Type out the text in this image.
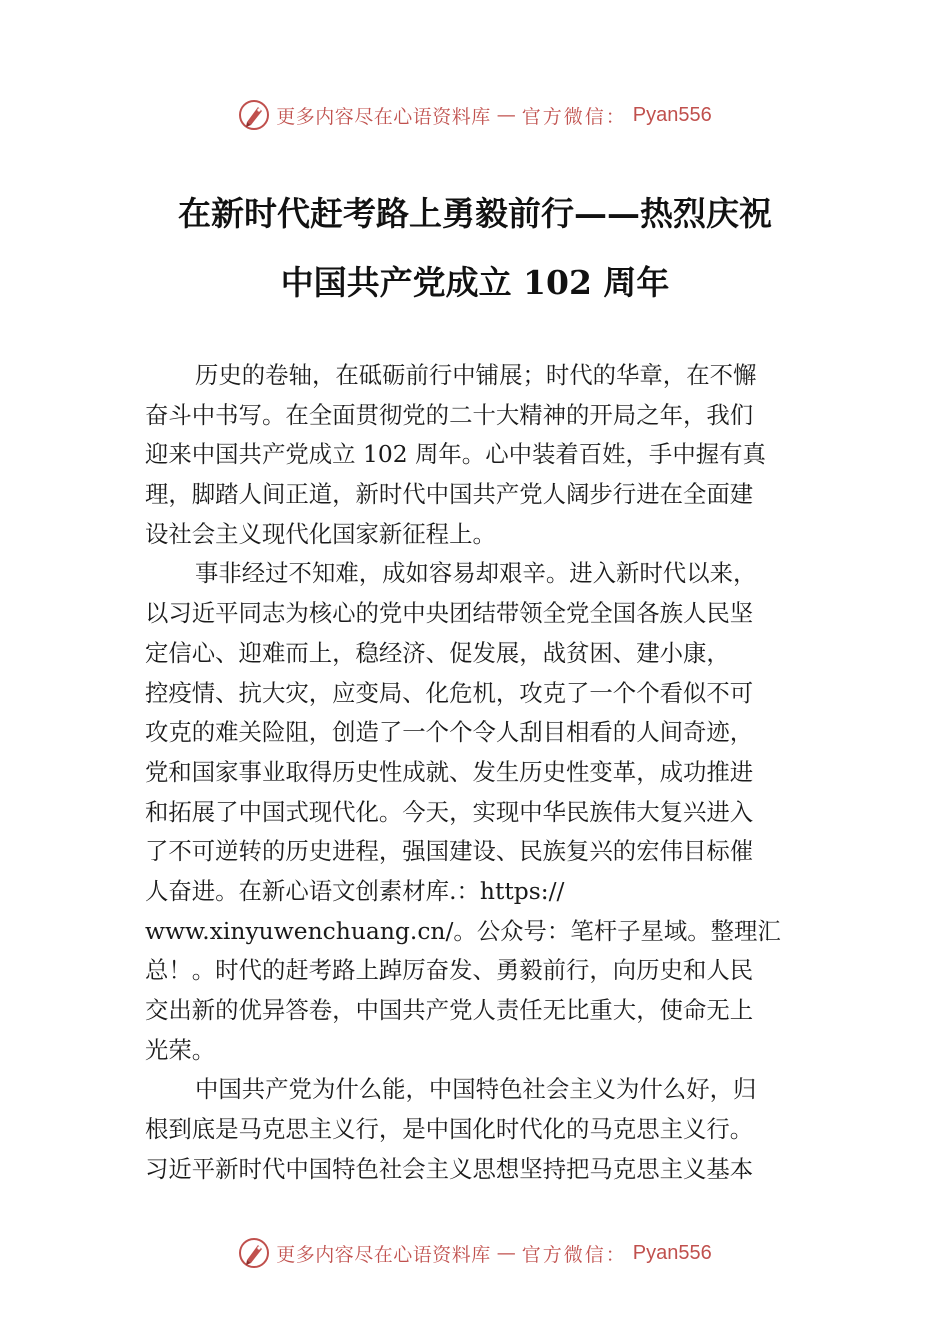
更多内容尽在心语资料库 — 官方微信： Pyan556
在新时代赶考路上勇毅前行——热烈庆祝
中国共产党成立 102 周年
历史的卷轴，在砥砺前行中铺展；时代的华章，在不懈
奋斗中书写。在全面贯彻党的二十大精神的开局之年，我们
迎来中国共产党成立 102 周年。心中装着百姓，手中握有真
理，脚踏人间正道，新时代中国共产党人阔步行进在全面建
设社会主义现代化国家新征程上。
事非经过不知难，成如容易却艰辛。进入新时代以来，
以习近平同志为核心的党中央团结带领全党全国各族人民坚
定信心、迎难而上，稳经济、促发展，战贫困、建小康，
控疫情、抗大灾，应变局、化危机，攻克了一个个看似不可
攻克的难关险阻，创造了一个个令人刮目相看的人间奇迹，
党和国家事业取得历史性成就、发生历史性变革，成功推进
和拓展了中国式现代化。今天，实现中华民族伟大复兴进入
了不可逆转的历史进程，强国建设、民族复兴的宏伟目标催
人奋进。在新心语文创素材库.：https://
www.xinyuwenchuang.cn/。公众号：笔杆子星域。整理汇
总！。时代的赶考路上踔厉奋发、勇毅前行，向历史和人民
交出新的优异答卷，中国共产党人责任无比重大，使命无上
光荣。
中国共产党为什么能，中国特色社会主义为什么好，归
根到底是马克思主义行，是中国化时代化的马克思主义行。
习近平新时代中国特色社会主义思想坚持把马克思主义基本
更多内容尽在心语资料库 — 官方微信： Pyan556
